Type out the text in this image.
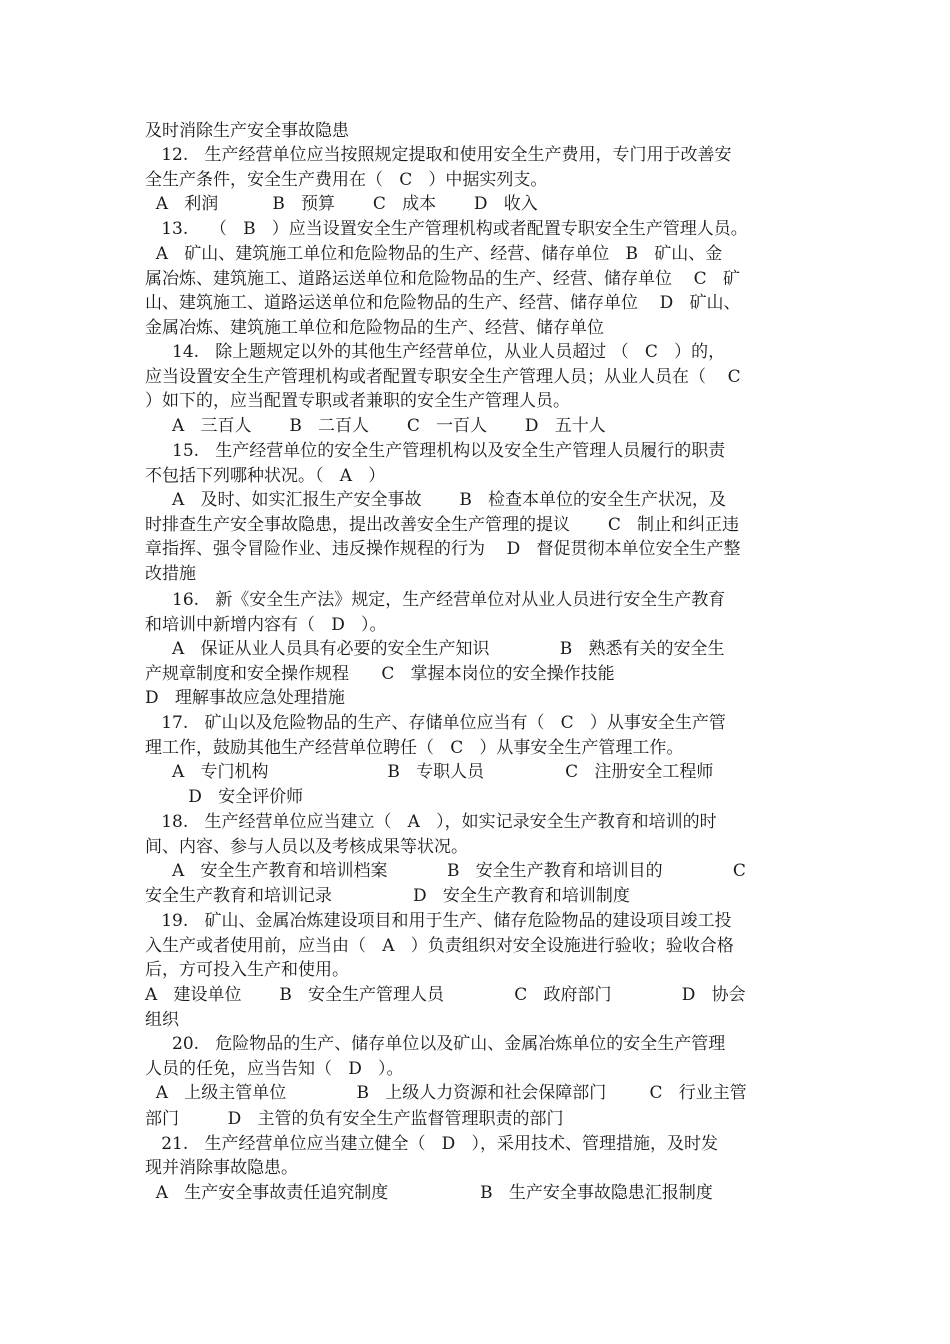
及时消除生产安全事故隐患
12.   生产经营单位应当按照规定提取和使用安全生产费用，专门用于改善安
全生产条件，安全生产费用在（   C   ）中据实列支。
A   利润          B   预算       C   成本       D   收入
13.    （   B   ）应当设置安全生产管理机构或者配置专职安全生产管理人员。
A   矿山、建筑施工单位和危险物品的生产、经营、储存单位   B   矿山、金
属冶炼、建筑施工、道路运送单位和危险物品的生产、经营、储存单位    C   矿
山、建筑施工、道路运送单位和危险物品的生产、经营、储存单位    D   矿山、
金属冶炼、建筑施工单位和危险物品的生产、经营、储存单位
14.   除上题规定以外的其他生产经营单位，从业人员超过 （   C   ）的，
应当设置安全生产管理机构或者配置专职安全生产管理人员；从业人员在（    C
）如下的，应当配置专职或者兼职的安全生产管理人员。
A   三百人       B   二百人       C   一百人       D   五十人
15.   生产经营单位的安全生产管理机构以及安全生产管理人员履行的职责
不包括下列哪种状况。（   A   ）
A   及时、如实汇报生产安全事故       B   检查本单位的安全生产状况，及
时排查生产安全事故隐患，提出改善安全生产管理的提议       C   制止和纠正违
章指挥、强令冒险作业、违反操作规程的行为    D   督促贯彻本单位安全生产整
改措施
16.   新《安全生产法》规定，生产经营单位对从业人员进行安全生产教育
和培训中新增内容有（   D   ）。
A   保证从业人员具有必要的安全生产知识             B   熟悉有关的安全生
产规章制度和安全操作规程      C   掌握本岗位的安全操作技能
D   理解事故应急处理措施
17.   矿山以及危险物品的生产、存储单位应当有（   C   ）从事安全生产管
理工作，鼓励其他生产经营单位聘任（   C   ）从事安全生产管理工作。
A   专门机构                      B   专职人员               C   注册安全工程师
D   安全评价师
18.   生产经营单位应当建立（   A   ），如实记录安全生产教育和培训的时
间、内容、参与人员以及考核成果等状况。
A   安全生产教育和培训档案           B   安全生产教育和培训目的             C
安全生产教育和培训记录               D   安全生产教育和培训制度
19.   矿山、金属冶炼建设项目和用于生产、储存危险物品的建设项目竣工投
入生产或者使用前，应当由（   A   ）负责组织对安全设施进行验收；验收合格
后，方可投入生产和使用。
A   建设单位       B   安全生产管理人员             C   政府部门             D   协会
组织
20.   危险物品的生产、储存单位以及矿山、金属冶炼单位的安全生产管理
人员的任免，应当告知（   D   ）。
A   上级主管单位             B   上级人力资源和社会保障部门        C   行业主管
部门         D   主管的负有安全生产监督管理职责的部门
21.   生产经营单位应当建立健全（   D   ），采用技术、管理措施，及时发
现并消除事故隐患。
A   生产安全事故责任追究制度                 B   生产安全事故隐患汇报制度
